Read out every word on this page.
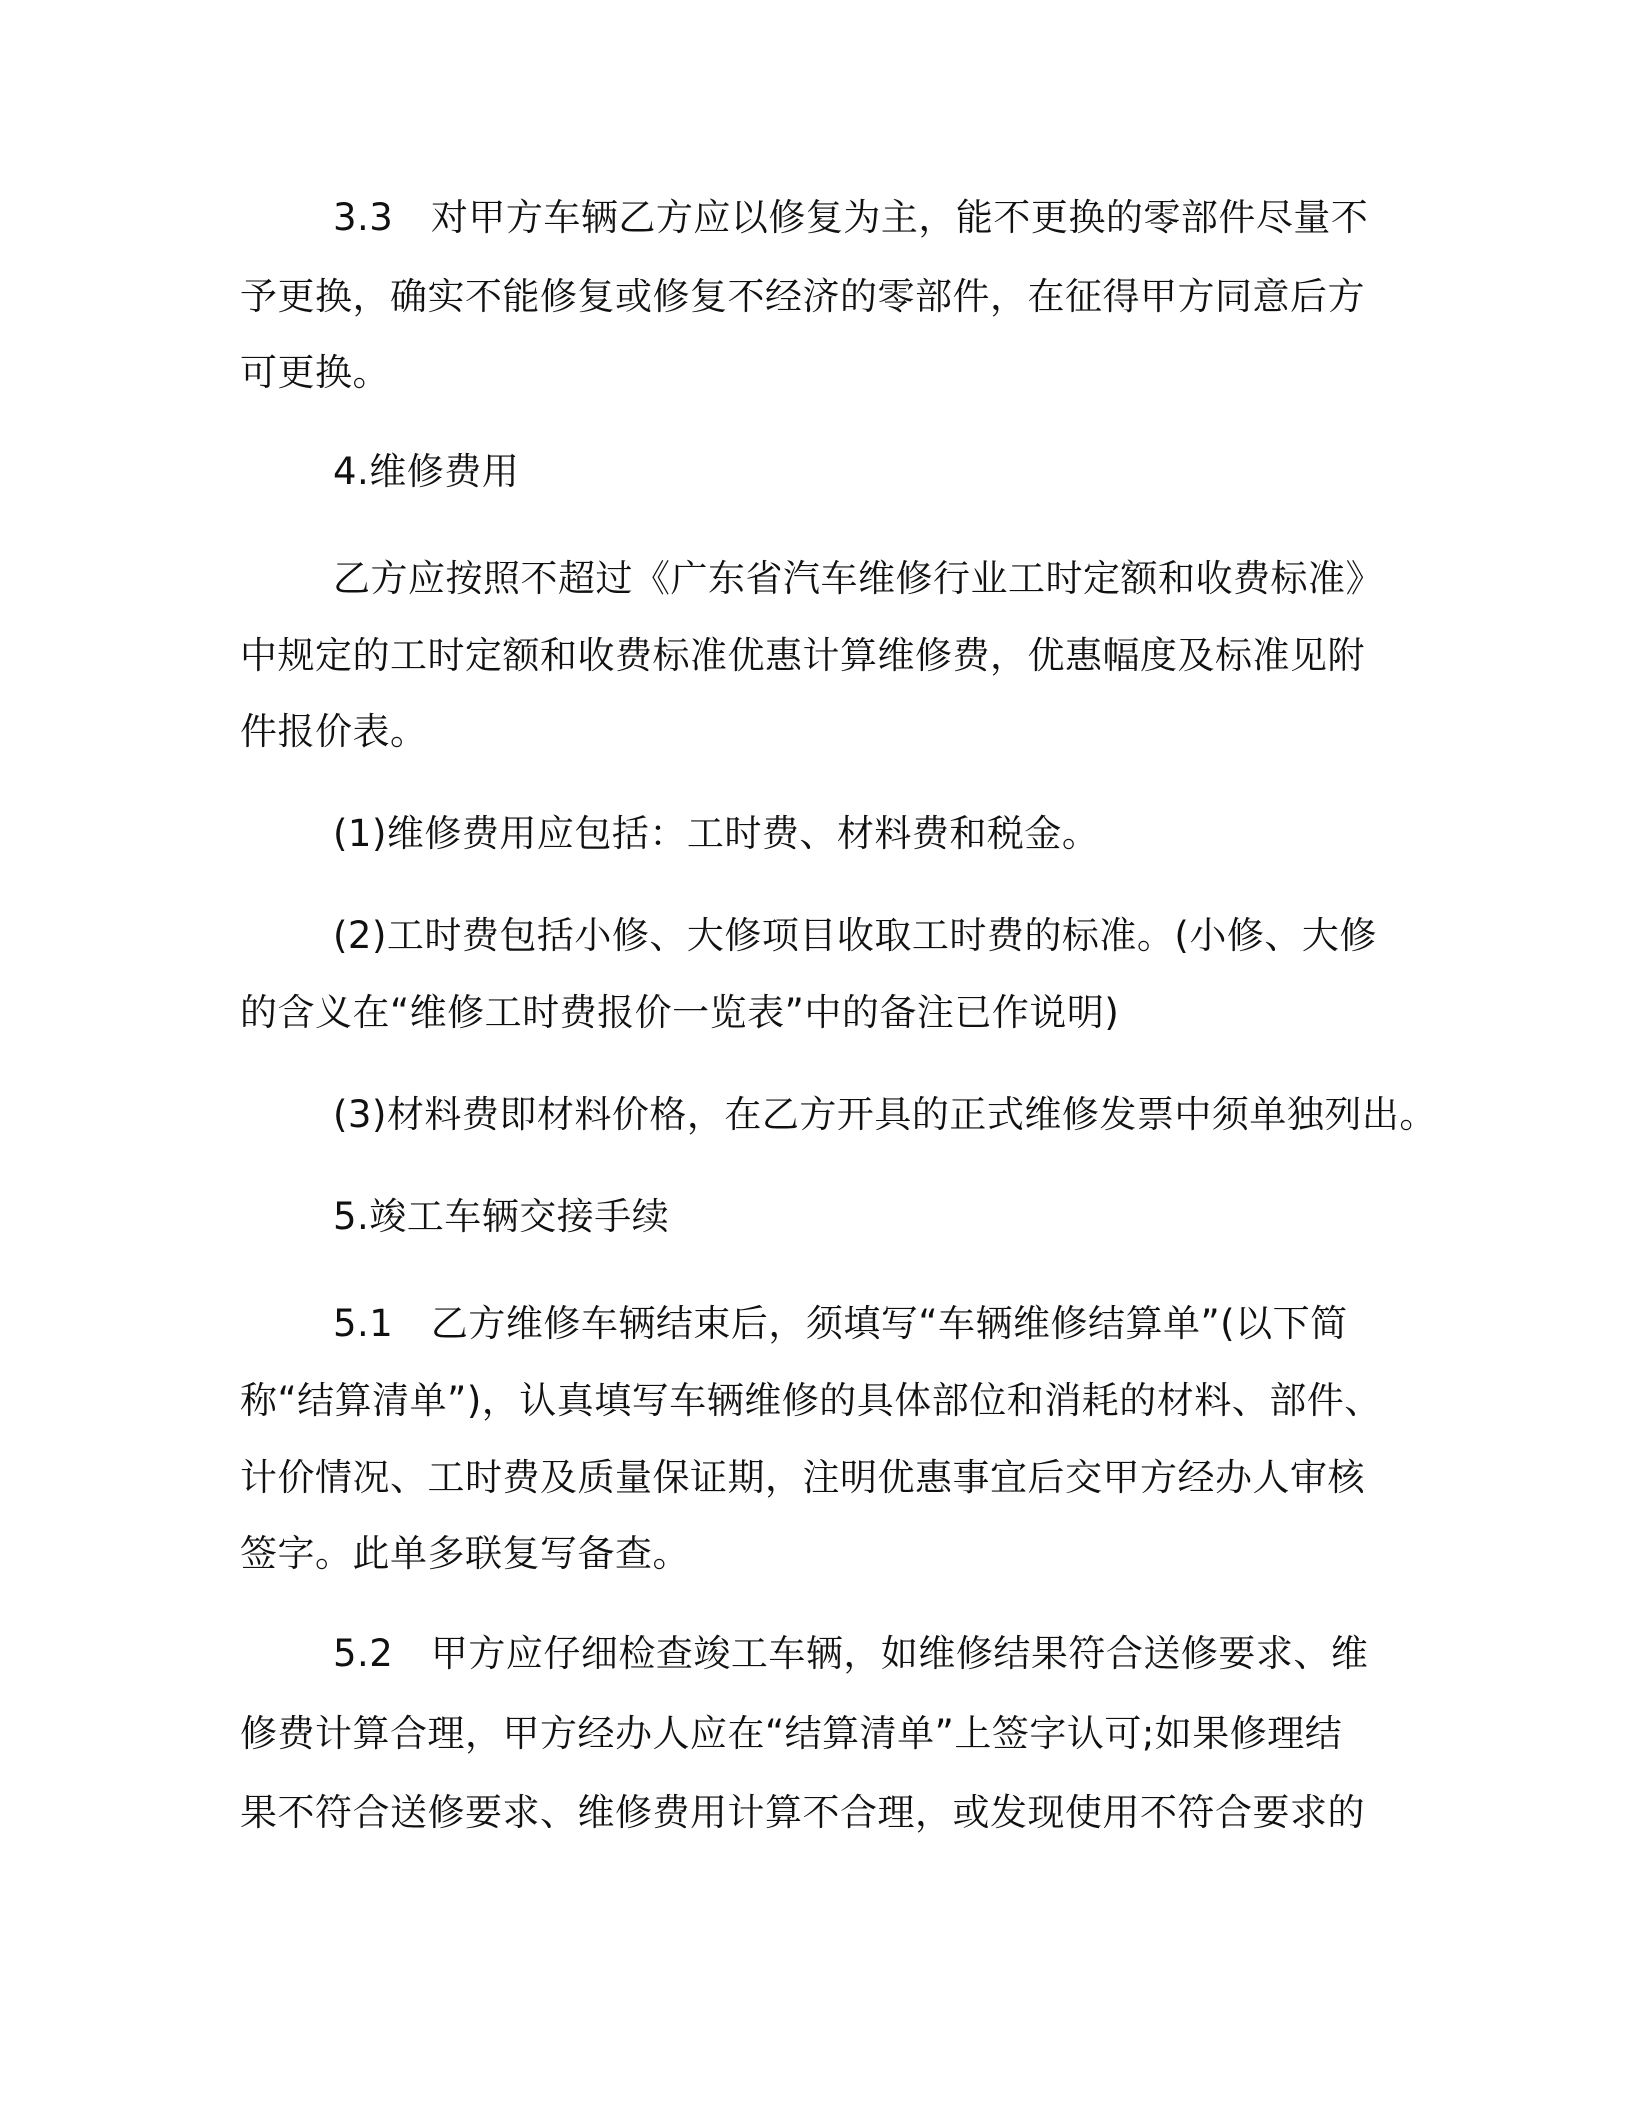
3.3　对甲方车辆乙方应以修复为主，能不更换的零部件尽量不
予更换，确实不能修复或修复不经济的零部件，在征得甲方同意后方
可更换。
4.维修费用
乙方应按照不超过《广东省汽车维修行业工时定额和收费标准》
中规定的工时定额和收费标准优惠计算维修费，优惠幅度及标准见附
件报价表。
(1)维修费用应包括：工时费、材料费和税金。
(2)工时费包括小修、大修项目收取工时费的标准。(小修、大修
的含义在“维修工时费报价一览表”中的备注已作说明)
(3)材料费即材料价格，在乙方开具的正式维修发票中须单独列出。
5.竣工车辆交接手续
5.1　乙方维修车辆结束后，须填写“车辆维修结算单”(以下简
称“结算清单”)，认真填写车辆维修的具体部位和消耗的材料、部件、
计价情况、工时费及质量保证期，注明优惠事宜后交甲方经办人审核
签字。此单多联复写备查。
5.2　甲方应仔细检查竣工车辆，如维修结果符合送修要求、维
修费计算合理，甲方经办人应在“结算清单”上签字认可;如果修理结
果不符合送修要求、维修费用计算不合理，或发现使用不符合要求的
